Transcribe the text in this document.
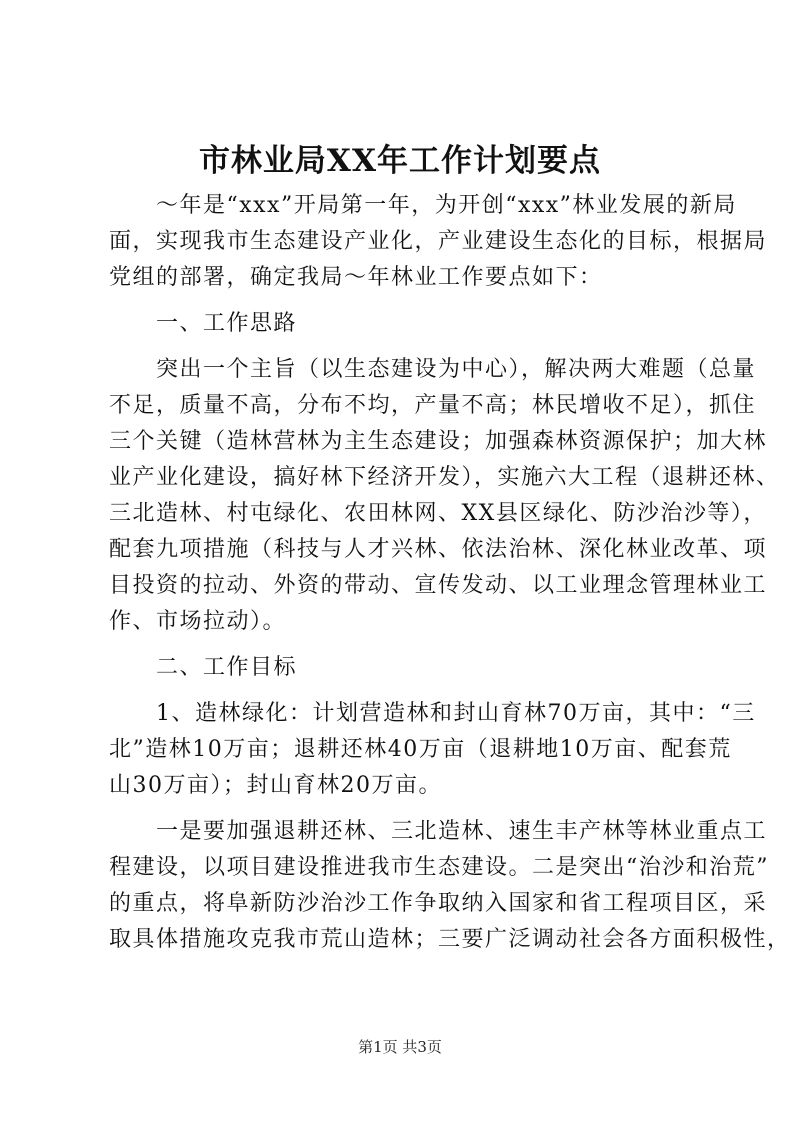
市林业局XX年工作计划要点
　　～年是“xxx”开局第一年，为开创“xxx”林业发展的新局
面，实现我市生态建设产业化，产业建设生态化的目标，根据局
党组的部署，确定我局～年林业工作要点如下：
　　一、工作思路
　　突出一个主旨（以生态建设为中心），解决两大难题（总量
不足，质量不高，分布不均，产量不高；林民增收不足），抓住
三个关键（造林营林为主生态建设；加强森林资源保护；加大林
业产业化建设，搞好林下经济开发），实施六大工程（退耕还林、
三北造林、村屯绿化、农田林网、XX县区绿化、防沙治沙等），
配套九项措施（科技与人才兴林、依法治林、深化林业改革、项
目投资的拉动、外资的带动、宣传发动、以工业理念管理林业工
作、市场拉动）。
　　二、工作目标
　　1、造林绿化：计划营造林和封山育林70万亩，其中：“三
北”造林10万亩；退耕还林40万亩（退耕地10万亩、配套荒
山30万亩）；封山育林20万亩。
　　一是要加强退耕还林、三北造林、速生丰产林等林业重点工
程建设，以项目建设推进我市生态建设。二是突出“治沙和治荒”
的重点，将阜新防沙治沙工作争取纳入国家和省工程项目区，采
取具体措施攻克我市荒山造林；三要广泛调动社会各方面积极性，
第1页 共3页
